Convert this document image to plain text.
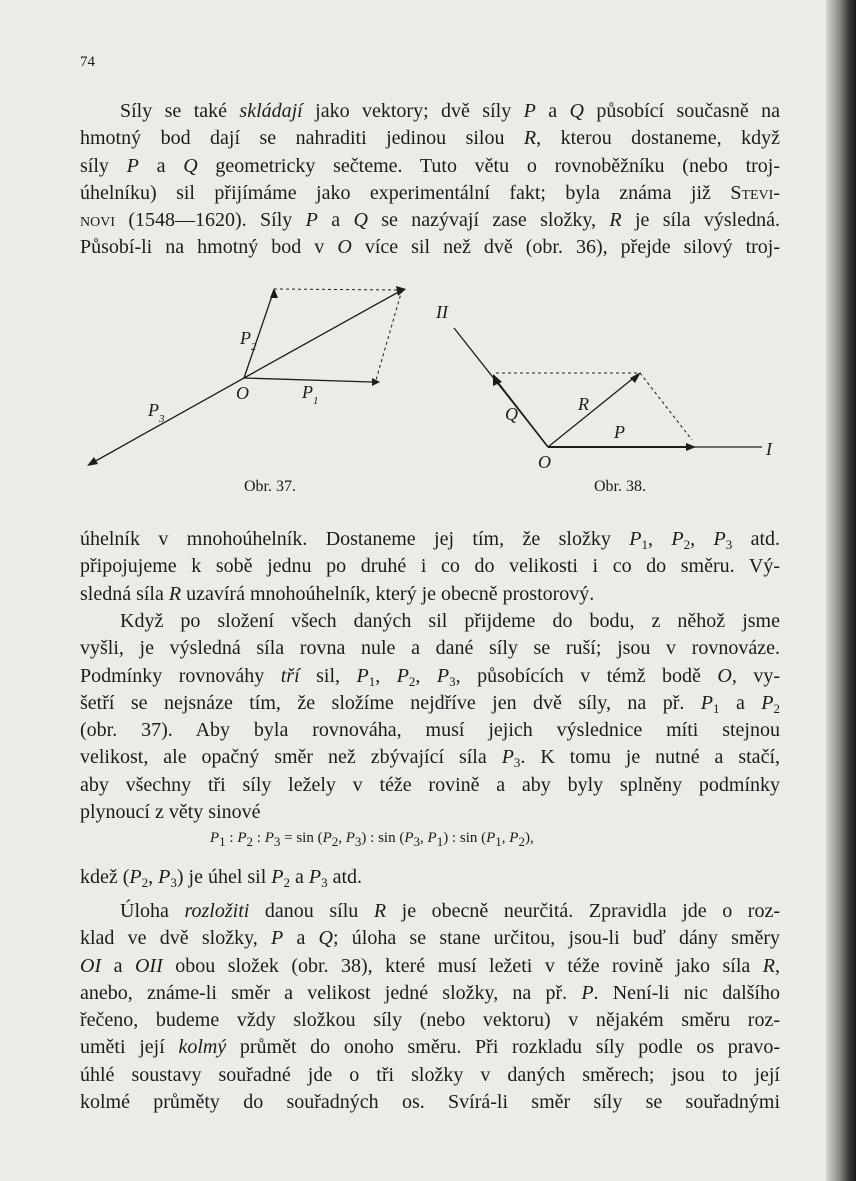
74
Síly se také skládají jako vektory; dvě síly P a Q působící současně na
hmotný bod dají se nahraditi jedinou silou R, kterou dostaneme, když
síly P a Q geometricky sečteme. Tuto větu o rovnoběžníku (nebo troj-
úhelníku) sil přijímáme jako experimentální fakt; byla známa již Stevi-
novi (1548—1620). Síly P a Q se nazývají zase složky, R je síla výsledná.
Působí-li na hmotný bod v O více sil než dvě (obr. 36), přejde silový troj-
$P_2$
O	$P_1$
$P_3$
II
Q	R
P
O
I
Obr. 37.	Obr. 38.
úhelník v mnohoúhelník. Dostaneme jej tím, že složky $P_1$, $P_2$, $P_3$ atd.
připojujeme k sobě jednu po druhé i co do velikosti i co do směru. Vý-
sledná síla R uzavírá mnohoúhelník, který je obecně prostorový.
Když po složení všech daných sil přijdeme do bodu, z něhož jsme
vyšli, je výsledná síla rovna nule a dané síly se ruší; jsou v rovnováze.
Podmínky rovnováhy tří sil, $P_1$, $P_2$, $P_3$, působících v témž bodě O, vy-
šetří se nejsnáze tím, že složíme nejdříve jen dvě síly, na př. $P_1$ a $P_2$
(obr. 37). Aby byla rovnováha, musí jejich výslednice míti stejnou
velikost, ale opačný směr než zbývající síla $P_3$. K tomu je nutné a stačí,
aby všechny tři síly ležely v téže rovině a aby byly splněny podmínky
plynoucí z věty sinové
$P_1$ : $P_2$ : $P_3 = \sin (P_2$, $P_3$) : $\sin (P_3$, $P_1$) : $\sin (P_1$, $P_2$),
kdež ($P_2$, $P_3$) je úhel sil $P_2$ a $P_3$ atd.
Úloha rozložiti danou sílu R je obecně neurčitá. Zpravidla jde o roz-
klad ve dvě složky, P a Q; úloha se stane určitou, jsou-li buď dány směry
OI a OII obou složek (obr. 38), které musí ležeti v téže rovině jako síla R,
anebo, známe-li směr a velikost jedné složky, na př. P. Není-li nic dalšího
řečeno, budeme vždy složkou síly (nebo vektoru) v nějakém směru roz-
uměti její kolmý průmět do onoho směru. Při rozkladu síly podle os pravo-
úhlé soustavy souřadné jde o tři složky v daných směrech; jsou to její
kolmé průměty do souřadných os. Svírá-li směr síly se souřadnými
